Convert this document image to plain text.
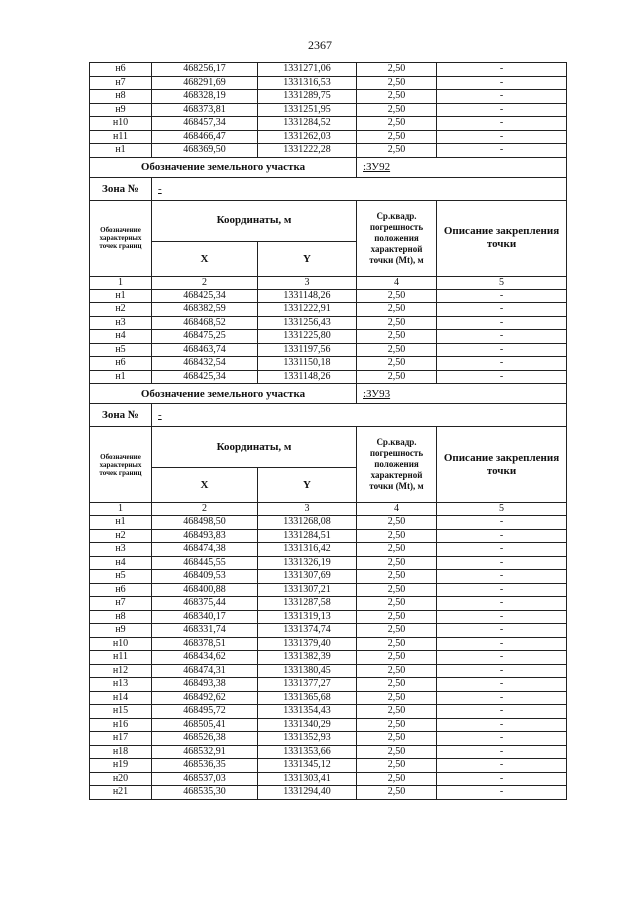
2367
н6	468256,17	1331271,06	2,50	-
н7	468291,69	1331316,53	2,50	-
н8	468328,19	1331289,75	2,50	-
н9	468373,81	1331251,95	2,50	-
н10	468457,34	1331284,52	2,50	-
н11	468466,47	1331262,03	2,50	-
н1	468369,50	1331222,28	2,50	-
Обозначение земельного участка			:ЗУ92	
Зона №	-			
Обозначение характерных точек границ	Координаты, м		Ср.квадр. погрешность положения характерной точки (Mt), м	Описание закрепления точки
	X	Y		
1	2	3	4	5
н1	468425,34	1331148,26	2,50	-
н2	468382,59	1331222,91	2,50	-
н3	468468,52	1331256,43	2,50	-
н4	468475,25	1331225,80	2,50	-
н5	468463,74	1331197,56	2,50	-
н6	468432,54	1331150,18	2,50	-
н1	468425,34	1331148,26	2,50	-
Обозначение земельного участка			:ЗУ93	
Зона №	-			
Обозначение характерных точек границ	Координаты, м		Ср.квадр. погрешность положения характерной точки (Mt), м	Описание закрепления точки
	X	Y		
1	2	3	4	5
н1	468498,50	1331268,08	2,50	-
н2	468493,83	1331284,51	2,50	-
н3	468474,38	1331316,42	2,50	-
н4	468445,55	1331326,19	2,50	-
н5	468409,53	1331307,69	2,50	-
н6	468400,88	1331307,21	2,50	-
н7	468375,44	1331287,58	2,50	-
н8	468340,17	1331319,13	2,50	-
н9	468331,74	1331374,74	2,50	-
н10	468378,51	1331379,40	2,50	-
н11	468434,62	1331382,39	2,50	-
н12	468474,31	1331380,45	2,50	-
н13	468493,38	1331377,27	2,50	-
н14	468492,62	1331365,68	2,50	-
н15	468495,72	1331354,43	2,50	-
н16	468505,41	1331340,29	2,50	-
н17	468526,38	1331352,93	2,50	-
н18	468532,91	1331353,66	2,50	-
н19	468536,35	1331345,12	2,50	-
н20	468537,03	1331303,41	2,50	-
н21	468535,30	1331294,40	2,50	-
